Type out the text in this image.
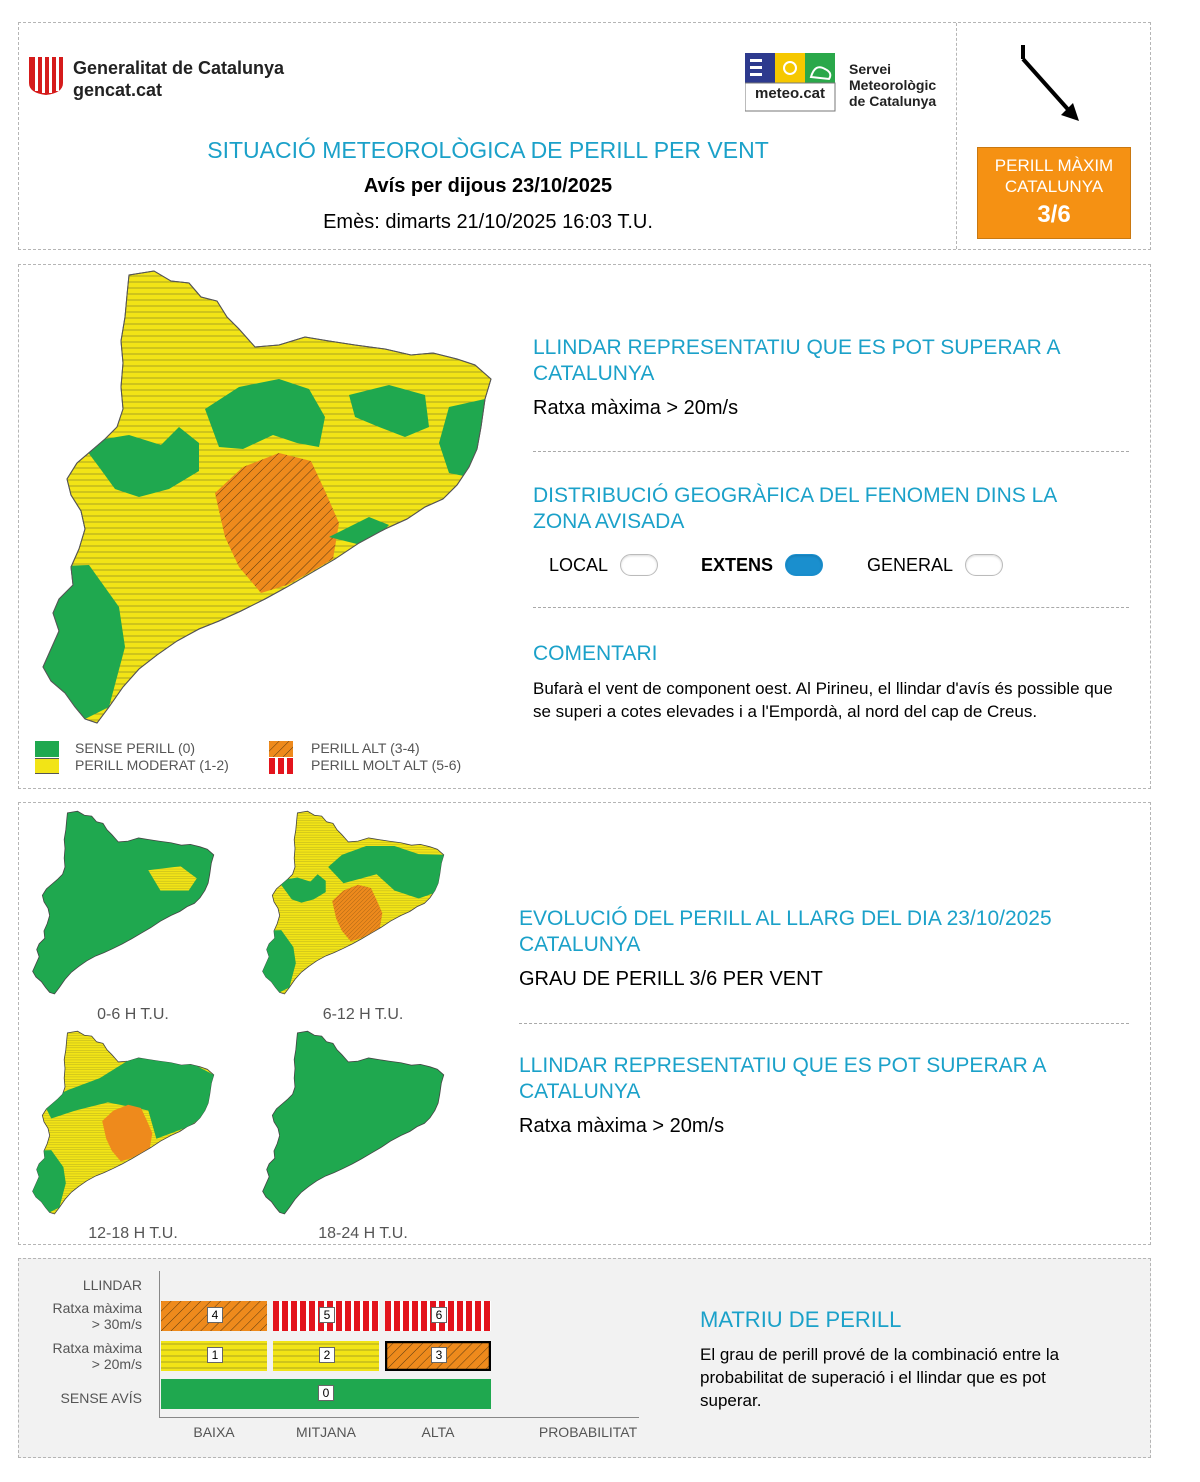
Generalitat de Catalunya
gencat.cat	meteo.cat
Servei
Meteorològic
de Catalunya
SITUACIÓ METEOROLÒGICA DE PERILL PER VENT
Avís per dijous 23/10/2025
Emès: dimarts 21/10/2025 16:03 T.U.
PERILL MÀXIM
CATALUNYA
3/6
SENSE PERILL (0)
PERILL MODERAT (1-2)
PERILL ALT (3-4)
PERILL MOLT ALT (5-6)
LLINDAR REPRESENTATIU QUE ES POT SUPERAR A CATALUNYA
Ratxa màxima > 20m/s
DISTRIBUCIÓ GEOGRÀFICA DEL FENOMEN DINS LA ZONA AVISADA
LOCAL	EXTENS	GENERAL
COMENTARI
Bufarà el vent de component oest. Al Pirineu, el llindar d'avís és possible que se superi a cotes elevades i a l'Empordà, al nord del cap de Creus.
0-6 H T.U.	6-12 H T.U.
12-18 H T.U.	18-24 H T.U.
EVOLUCIÓ DEL PERILL AL LLARG DEL DIA 23/10/2025 CATALUNYA
GRAU DE PERILL 3/6 PER VENT
LLINDAR REPRESENTATIU QUE ES POT SUPERAR A CATALUNYA
Ratxa màxima > 20m/s
LLINDAR
Ratxa màxima
> 30m/s
Ratxa màxima
> 20m/s
SENSE AVÍS
4	5	6
1	2	3
0
BAIXA	MITJANA	ALTA	PROBABILITAT
MATRIU DE PERILL
El grau de perill prové de la combinació entre la probabilitat de superació i el llindar que es pot superar.
